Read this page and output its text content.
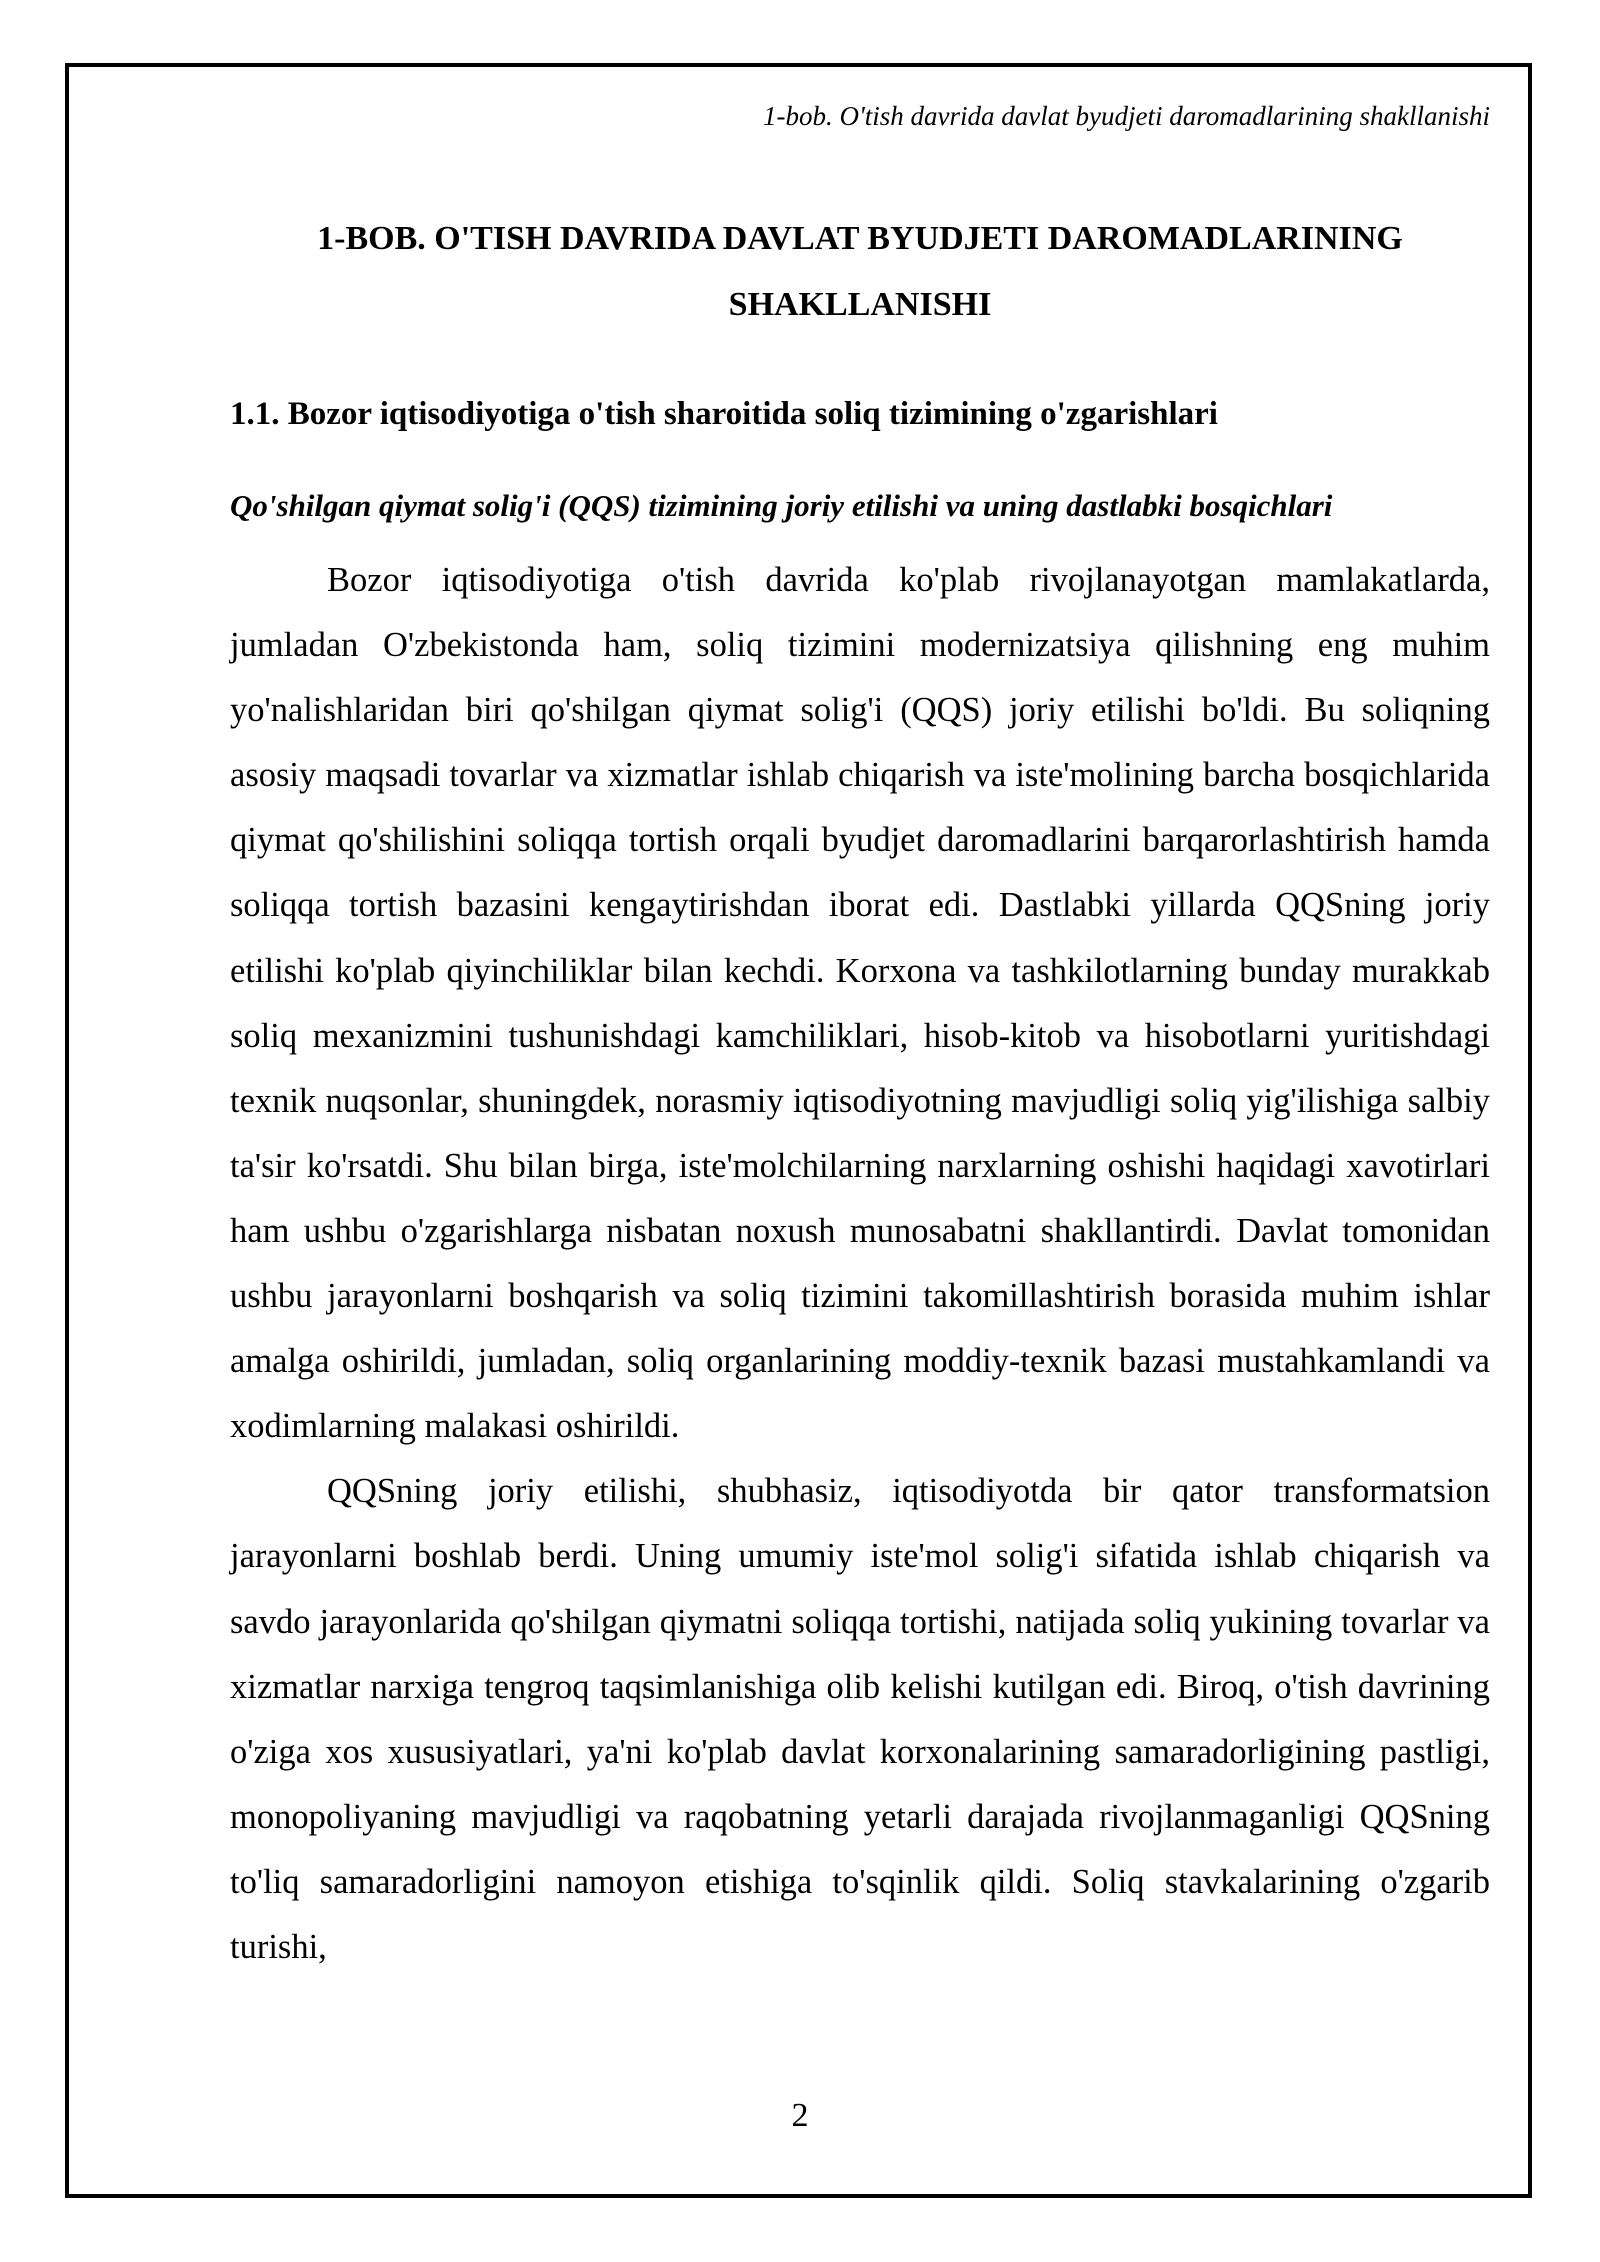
1-bob. O'tish davrida davlat byudjeti daromadlarining shakllanishi
1-BOB. O'TISH DAVRIDA DAVLAT BYUDJETI DAROMADLARINING SHAKLLANISHI
1.1. Bozor iqtisodiyotiga o'tish sharoitida soliq tizimining o'zgarishlari
Qo'shilgan qiymat solig'i (QQS) tizimining joriy etilishi va uning dastlabki bosqichlari

Bozor iqtisodiyotiga o'tish davrida ko'plab rivojlanayotgan mamlakatlarda, jumladan O'zbekistonda ham, soliq tizimini modernizatsiya qilishning eng muhim yo'nalishlaridan biri qo'shilgan qiymat solig'i (QQS) joriy etilishi bo'ldi. Bu soliqning asosiy maqsadi tovarlar va xizmatlar ishlab chiqarish va iste'molining barcha bosqichlarida qiymat qo'shilishini soliqqa tortish orqali byudjet daromadlarini barqarorlashtirish hamda soliqqa tortish bazasini kengaytirishdan iborat edi. Dastlabki yillarda QQSning joriy etilishi ko'plab qiyinchiliklar bilan kechdi. Korxona va tashkilotlarning bunday murakkab soliq mexanizmini tushunishdagi kamchiliklari, hisob-kitob va hisobotlarni yuritishdagi texnik nuqsonlar, shuningdek, norasmiy iqtisodiyotning mavjudligi soliq yig'ilishiga salbiy ta'sir ko'rsatdi. Shu bilan birga, iste'molchilarning narxlarning oshishi haqidagi xavotirlari ham ushbu o'zgarishlarga nisbatan noxush munosabatni shakllantirdi. Davlat tomonidan ushbu jarayonlarni boshqarish va soliq tizimini takomillashtirish borasida muhim ishlar amalga oshirildi, jumladan, soliq organlarining moddiy-texnik bazasi mustahkamlandi va xodimlarning malakasi oshirildi.

QQSning joriy etilishi, shubhasiz, iqtisodiyotda bir qator transformatsion jarayonlarni boshlab berdi. Uning umumiy iste'mol solig'i sifatida ishlab chiqarish va savdo jarayonlarida qo'shilgan qiymatni soliqqa tortishi, natijada soliq yukining tovarlar va xizmatlar narxiga tengroq taqsimlanishiga olib kelishi kutilgan edi. Biroq, o'tish davrining o'ziga xos xususiyatlari, ya'ni ko'plab davlat korxonalarining samaradorligining pastligi, monopoliyaning mavjudligi va raqobatning yetarli darajada rivojlanmaganligi QQSning to'liq samaradorligini namoyon etishiga to'sqinlik qildi. Soliq stavkalarining o'zgarib turishi,

2
